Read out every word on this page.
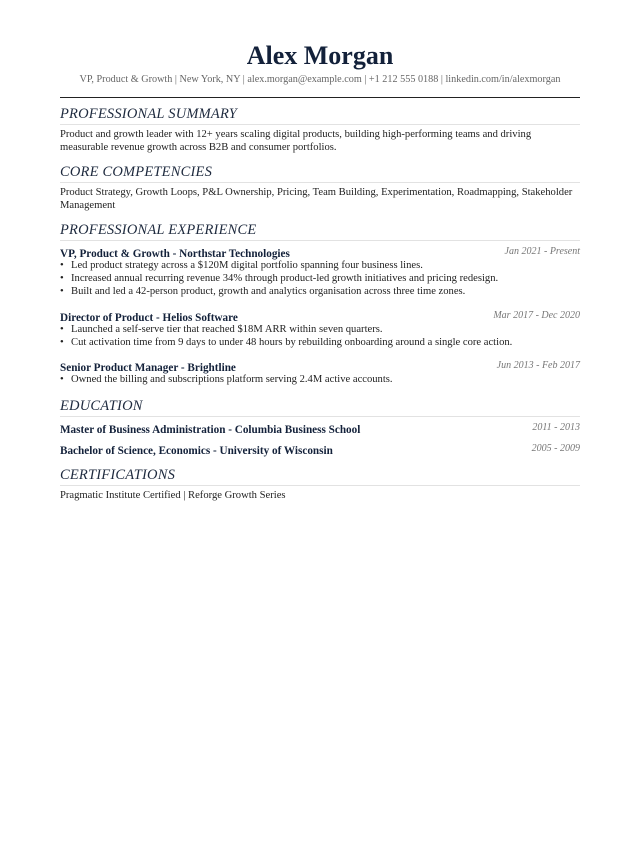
Alex Morgan
VP, Product & Growth | New York, NY | alex.morgan@example.com | +1 212 555 0188 | linkedin.com/in/alexmorgan
PROFESSIONAL SUMMARY
Product and growth leader with 12+ years scaling digital products, building high-performing teams and driving measurable revenue growth across B2B and consumer portfolios.
CORE COMPETENCIES
Product Strategy, Growth Loops, P&L Ownership, Pricing, Team Building, Experimentation, Roadmapping, Stakeholder Management
PROFESSIONAL EXPERIENCE
VP, Product & Growth - Northstar Technologies	Jan 2021 - Present
• Led product strategy across a $120M digital portfolio spanning four business lines.
• Increased annual recurring revenue 34% through product-led growth initiatives and pricing redesign.
• Built and led a 42-person product, growth and analytics organisation across three time zones.
Director of Product - Helios Software	Mar 2017 - Dec 2020
• Launched a self-serve tier that reached $18M ARR within seven quarters.
• Cut activation time from 9 days to under 48 hours by rebuilding onboarding around a single core action.
Senior Product Manager - Brightline	Jun 2013 - Feb 2017
• Owned the billing and subscriptions platform serving 2.4M active accounts.
EDUCATION
Master of Business Administration - Columbia Business School	2011 - 2013
Bachelor of Science, Economics - University of Wisconsin	2005 - 2009
CERTIFICATIONS
Pragmatic Institute Certified | Reforge Growth Series
